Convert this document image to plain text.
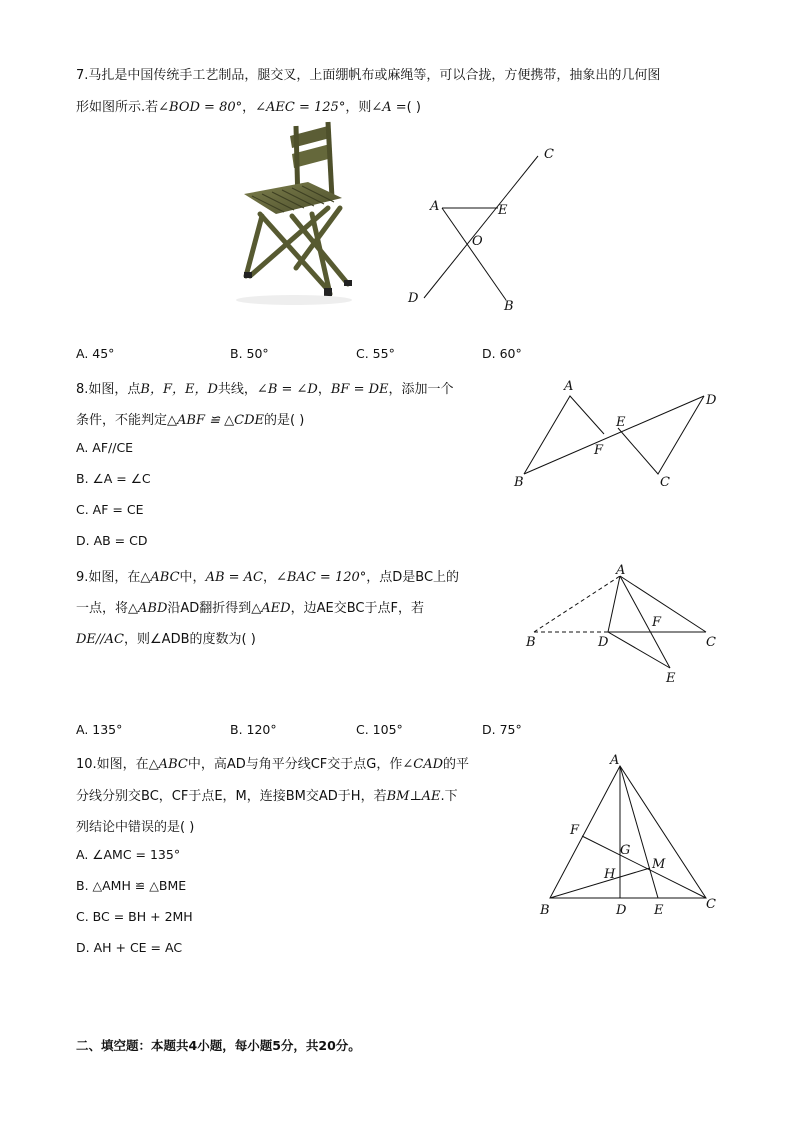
7.马扎是中国传统手工艺制品，腿交叉，上面绷帆布或麻绳等，可以合拢，方便携带，抽象出的几何图
形如图所示.若∠BOD = 80°，∠AEC = 125°，则∠A =( )
C
A	E
O
D
B
A. 45°	B. 50°	C. 55°	D. 60°
8.如图，点B，F，E，D共线，∠B = ∠D，BF = DE，添加一个
条件，不能判定△ABF ≌ △CDE的是( )
A. AF//CE
B. ∠A = ∠C
C. AF = CE
D. AB = CD
A
D
E
F
B	C
9.如图，在△ABC中，AB = AC，∠BAC = 120°，点D是BC上的
一点，将△ABD沿AD翻折得到△AED，边AE交BC于点F，若
DE//AC，则∠ADB的度数为( )
A
F
B	D	C
E
A. 135°	B. 120°	C. 105°	D. 75°
10.如图，在△ABC中，高AD与角平分线CF交于点G，作∠CAD的平
分线分别交BC，CF于点E，M，连接BM交AD于H，若BM⊥AE.下
列结论中错误的是( )
A. ∠AMC = 135°
B. △AMH ≌ △BME
C. BC = BH + 2MH
D. AH + CE = AC
A
F
G
M
H
B	D E	C
二、填空题：本题共4小题，每小题5分，共20分。
